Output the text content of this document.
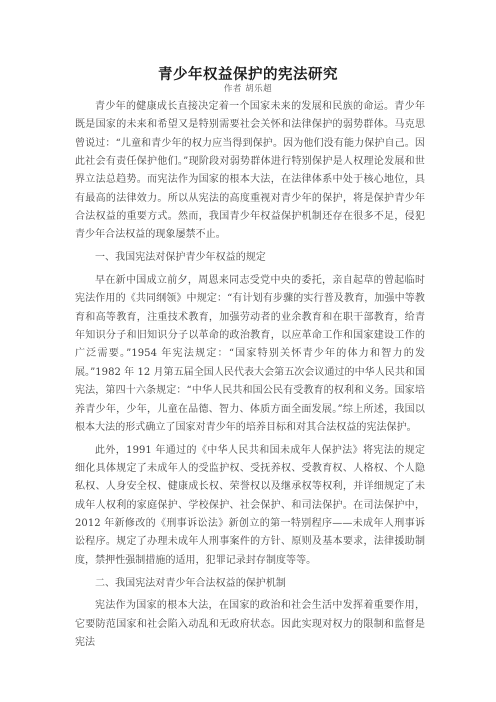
青少年权益保护的宪法研究
作者 胡乐超

青少年的健康成长直接决定着一个国家未来的发展和民族的命运。青少年既是国家的未来和希望又是特别需要社会关怀和法律保护的弱势群体。马克思曾说过：“儿童和青少年的权力应当得到保护。因为他们没有能力保护自己。因此社会有责任保护他们。”现阶段对弱势群体进行特别保护是人权理论发展和世界立法总趋势。而宪法作为国家的根本大法，在法律体系中处于核心地位，具有最高的法律效力。所以从宪法的高度重视对青少年的保护，将是保护青少年合法权益的重要方式。然而，我国青少年权益保护机制还存在很多不足，侵犯青少年合法权益的现象屡禁不止。

一、我国宪法对保护青少年权益的规定

早在新中国成立前夕，周恩来同志受党中央的委托，亲自起草的曾起临时宪法作用的《共同纲领》中规定：“有计划有步骤的实行普及教育，加强中等教育和高等教育，注重技术教育，加强劳动者的业余教育和在职干部教育，给青年知识分子和旧知识分子以革命的政治教育，以应革命工作和国家建设工作的广泛需要。”1954 年宪法规定：“国家特别关怀青少年的体力和智力的发展。”1982 年 12 月第五届全国人民代表大会第五次会议通过的中华人民共和国宪法，第四十六条规定：“中华人民共和国公民有受教育的权利和义务。国家培养青少年，少年，儿童在品德、智力、体质方面全面发展。”综上所述，我国以根本大法的形式确立了国家对青少年的培养目标和对其合法权益的宪法保护。

此外，1991 年通过的《中华人民共和国未成年人保护法》将宪法的规定细化具体规定了未成年人的受监护权、受抚养权、受教育权、人格权、个人隐私权、人身安全权、健康成长权、荣誉权以及继承权等权利，并详细规定了未成年人权利的家庭保护、学校保护、社会保护、和司法保护。在司法保护中，2012 年新修改的《刑事诉讼法》新创立的第一特别程序——未成年人刑事诉讼程序。规定了办理未成年人刑事案件的方针、原则及基本要求，法律援助制度，禁押性强制措施的适用，犯罪记录封存制度等等。

二、我国宪法对青少年合法权益的保护机制

宪法作为国家的根本大法，在国家的政治和社会生活中发挥着重要作用，它要防范国家和社会陷入动乱和无政府状态。因此实现对权力的限制和监督是宪法
